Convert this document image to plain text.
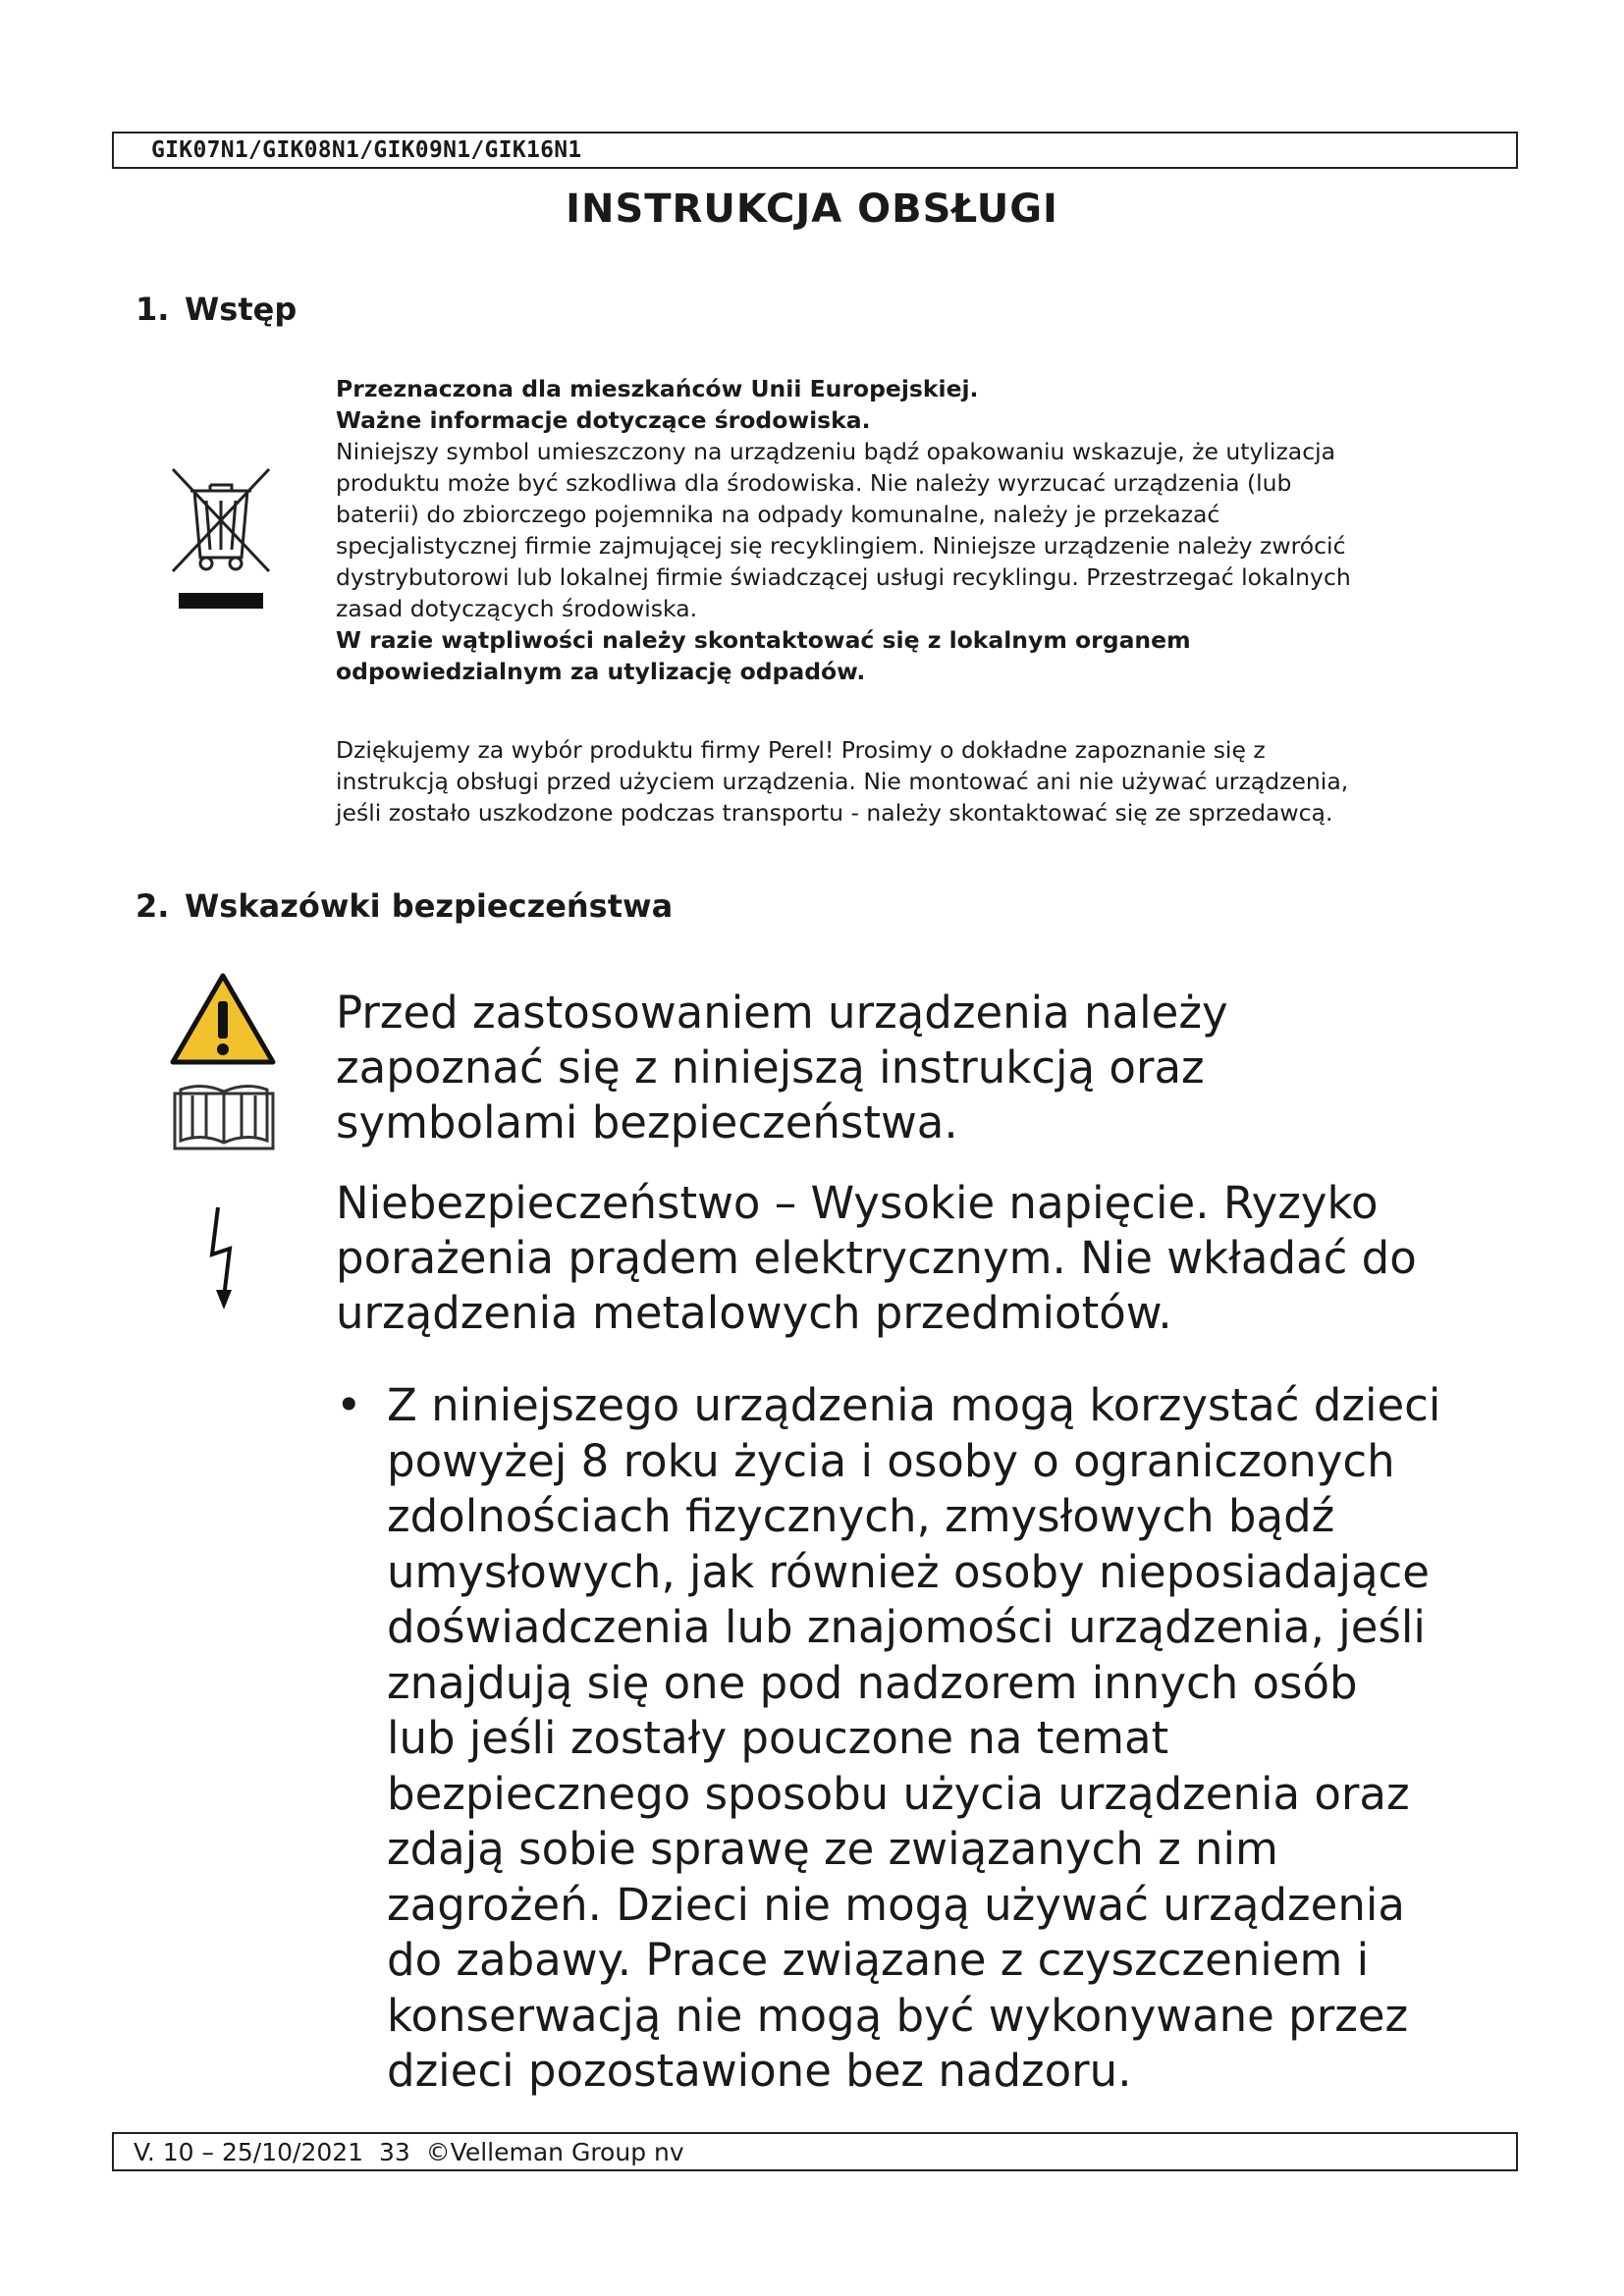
GIK07N1/GIK08N1/GIK09N1/GIK16N1
INSTRUKCJA OBSŁUGI
1. Wstęp

Przeznaczona dla mieszkańców Unii Europejskiej.

Ważne informacje dotyczące środowiska.

Niniejszy symbol umieszczony na urządzeniu bądź opakowaniu wskazuje, że utylizacja

produktu może być szkodliwa dla środowiska. Nie należy wyrzucać urządzenia (lub

baterii) do zbiorczego pojemnika na odpady komunalne, należy je przekazać

specjalistycznej firmie zajmującej się recyklingiem. Niniejsze urządzenie należy zwrócić

dystrybutorowi lub lokalnej firmie świadczącej usługi recyklingu. Przestrzegać lokalnych

zasad dotyczących środowiska.

W razie wątpliwości należy skontaktować się z lokalnym organem

odpowiedzialnym za utylizację odpadów.

Dziękujemy za wybór produktu firmy Perel! Prosimy o dokładne zapoznanie się z

instrukcją obsługi przed użyciem urządzenia. Nie montować ani nie używać urządzenia,

jeśli zostało uszkodzone podczas transportu - należy skontaktować się ze sprzedawcą.

2. Wskazówki bezpieczeństwa
Przed zastosowaniem urządzenia należy
zapoznać się z niniejszą instrukcją oraz
symbolami bezpieczeństwa.
Niebezpieczeństwo – Wysokie napięcie. Ryzyko
porażenia prądem elektrycznym. Nie wkładać do
urządzenia metalowych przedmiotów.
• Z niniejszego urządzenia mogą korzystać dzieci
powyżej 8 roku życia i osoby o ograniczonych
zdolnościach fizycznych, zmysłowych bądź
umysłowych, jak również osoby nieposiadające
doświadczenia lub znajomości urządzenia, jeśli
znajdują się one pod nadzorem innych osób
lub jeśli zostały pouczone na temat
bezpiecznego sposobu użycia urządzenia oraz
zdają sobie sprawę ze związanych z nim
zagrożeń. Dzieci nie mogą używać urządzenia
do zabawy. Prace związane z czyszczeniem i
konserwacją nie mogą być wykonywane przez
dzieci pozostawione bez nadzoru.
V. 10 – 25/10/2021  33  ©Velleman Group nv
